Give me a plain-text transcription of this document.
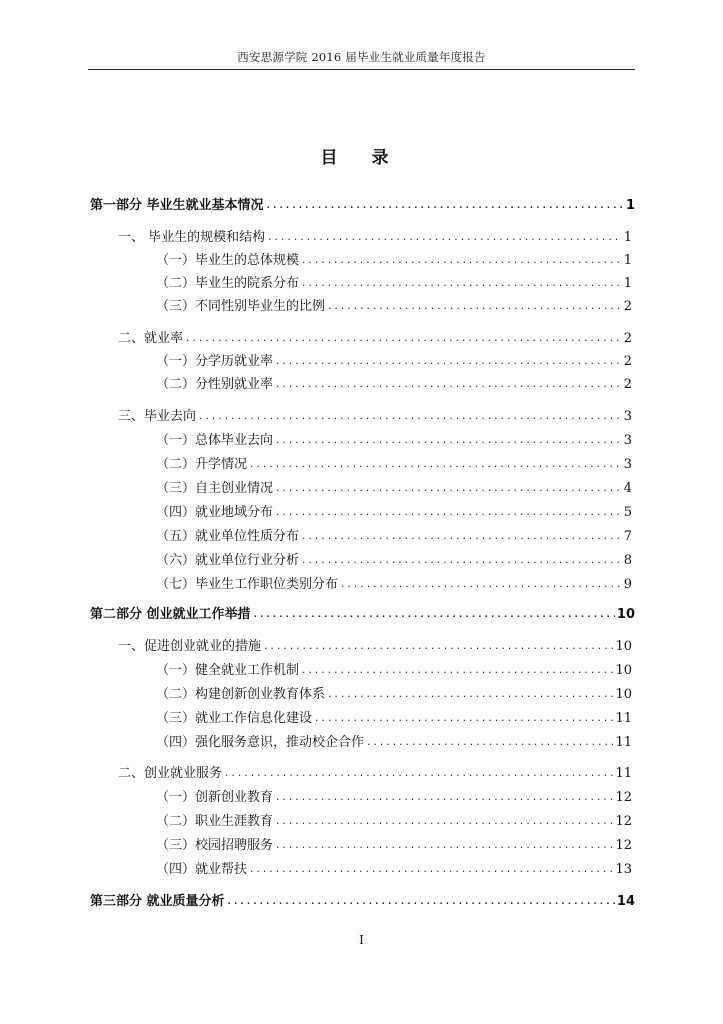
西安思源学院 2016 届毕业生就业质量年度报告
目 录
第一部分 毕业生就业基本情况 .....	1
一、 毕业生的规模和结构 .....	1
（一）毕业生的总体规模 .....	1
（二）毕业生的院系分布 .....	1
（三）不同性别毕业生的比例 .....	2
二、就业率 .....	2
（一）分学历就业率 .....	2
（二）分性别就业率 .....	2
三、毕业去向 .....	3
（一）总体毕业去向 .....	3
（二）升学情况 .....	3
（三）自主创业情况 .....	4
（四）就业地域分布 .....	5
（五）就业单位性质分布 .....	7
（六）就业单位行业分析 .....	8
（七）毕业生工作职位类别分布 .....	9
第二部分 创业就业工作举措 .....	10
一、促进创业就业的措施 .....	10
（一）健全就业工作机制 .....	10
（二）构建创新创业教育体系 .....	10
（三）就业工作信息化建设 .....	11
（四）强化服务意识，推动校企合作 .....	11
二、创业就业服务 .....	11
（一）创新创业教育 .....	12
（二）职业生涯教育 .....	12
（三）校园招聘服务 .....	12
（四）就业帮扶 .....	13
第三部分 就业质量分析 .....	14
I
